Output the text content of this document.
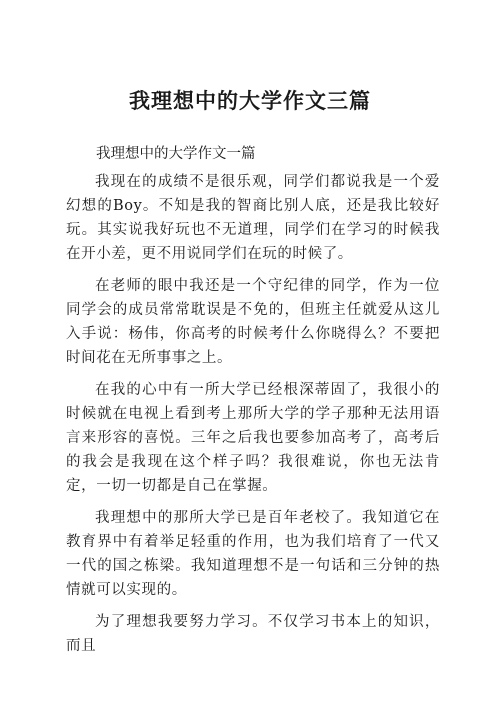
我理想中的大学作文三篇

我理想中的大学作文一篇

我现在的成绩不是很乐观，同学们都说我是一个爱幻想的Boy。不知是我的智商比别人底，还是我比较好玩。其实说我好玩也不无道理，同学们在学习的时候我在开小差，更不用说同学们在玩的时候了。

在老师的眼中我还是一个守纪律的同学，作为一位同学会的成员常常耽误是不免的，但班主任就爱从这儿入手说：杨伟，你高考的时候考什么你晓得么？不要把时间花在无所事事之上。

在我的心中有一所大学已经根深蒂固了，我很小的时候就在电视上看到考上那所大学的学子那种无法用语言来形容的喜悦。三年之后我也要参加高考了，高考后的我会是我现在这个样子吗？我很难说，你也无法肯定，一切一切都是自己在掌握。

我理想中的那所大学已是百年老校了。我知道它在教育界中有着举足轻重的作用，也为我们培育了一代又一代的国之栋梁。我知道理想不是一句话和三分钟的热情就可以实现的。

为了理想我要努力学习。不仅学习书本上的知识，而且
